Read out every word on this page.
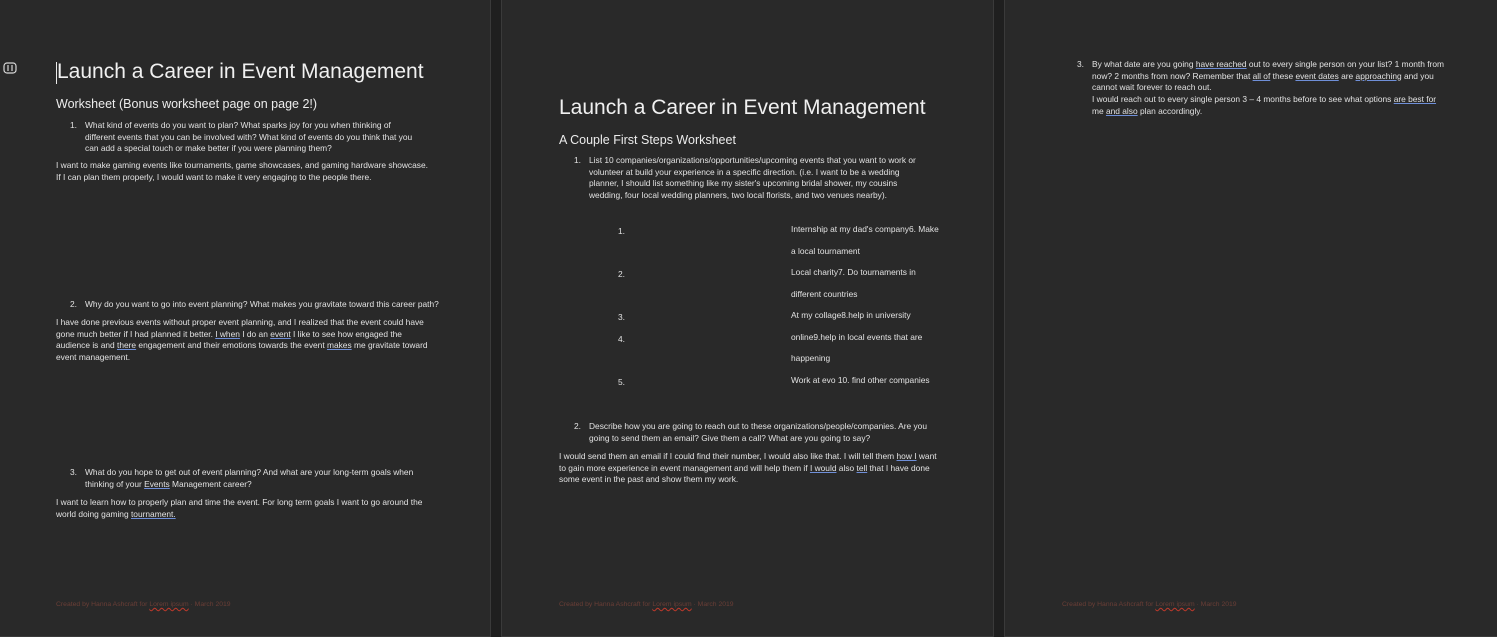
Launch a Career in Event Management
Worksheet (Bonus worksheet page on page 2!)
1. What kind of events do you want to plan? What sparks joy for you when thinking of different events that you can be involved with? What kind of events do you think that you can add a special touch or make better if you were planning them?
I want to make gaming events like tournaments, game showcases, and gaming hardware showcase. If I can plan them properly, I would want to make it very engaging to the people there.
2. Why do you want to go into event planning? What makes you gravitate toward this career path?
I have done previous events without proper event planning, and I realized that the event could have gone much better if I had planned it better. I when I do an event I like to see how engaged the audience is and there engagement and their emotions towards the event makes me gravitate toward event management.
3. What do you hope to get out of event planning? And what are your long-term goals when thinking of your Events Management career?
I want to learn how to properly plan and time the event. For long term goals I want to go around the world doing gaming tournament.
Created by Hanna Ashcraft for Lorem ipsum · March 2019
Launch a Career in Event Management
A Couple First Steps Worksheet
1. List 10 companies/organizations/opportunities/upcoming events that you want to work or volunteer at build your experience in a specific direction. (i.e. I want to be a wedding planner, I should list something like my sister's upcoming bridal shower, my cousins wedding, four local wedding planners, two local florists, and two venues nearby).
1.
2.
3.
4.
5.
Internship at my dad's company6. Make
a local tournament
Local charity7. Do tournaments in
different countries
At my collage8.help in university
online9.help in local events that are
happening
Work at evo 10. find other companies
2. Describe how you are going to reach out to these organizations/people/companies. Are you going to send them an email? Give them a call? What are you going to say?
I would send them an email if I could find their number, I would also like that. I will tell them how I want to gain more experience in event management and will help them if I would also tell that I have done some event in the past and show them my work.
Created by Hanna Ashcraft for Lorem ipsum · March 2019
3. By what date are you going have reached out to every single person on your list? 1 month from now? 2 months from now? Remember that all of these event dates are approaching and you cannot wait forever to reach out.
I would reach out to every single person 3 – 4 months before to see what options are best for me and also plan accordingly.
Created by Hanna Ashcraft for Lorem ipsum · March 2019
